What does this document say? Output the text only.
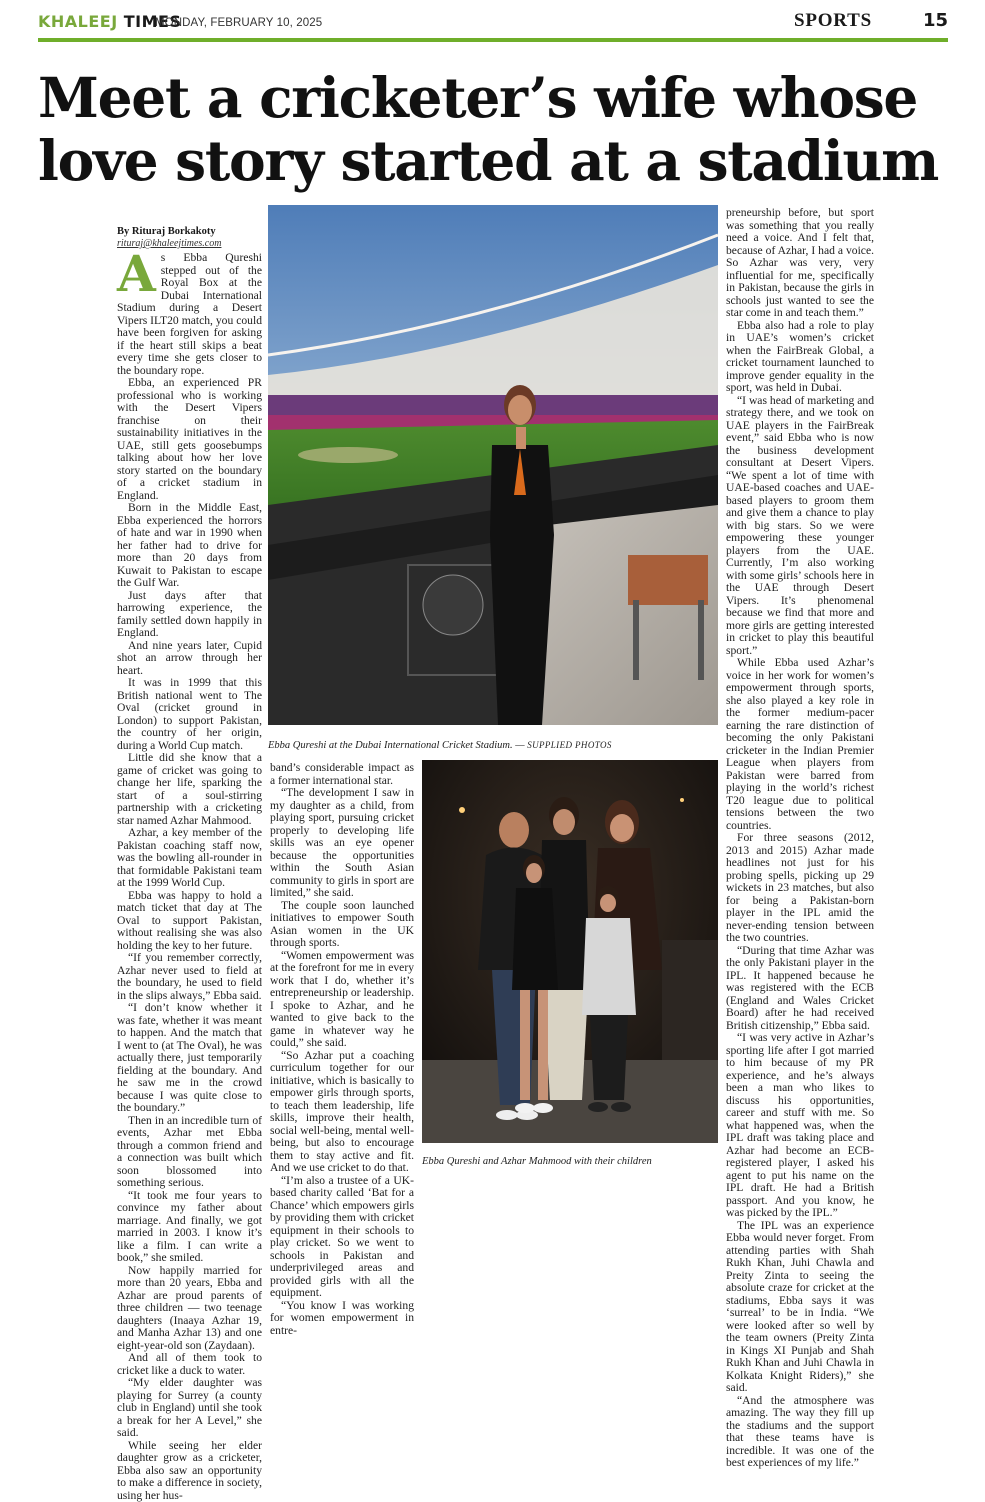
KHALEEJ TIMES
MONDAY, FEBRUARY 10, 2025	SPORTS	15
Meet a cricketer’s wife whose love story started at a stadium
By Rituraj Borkakoty
rituraj@khaleejtimes.com

As Ebba Qureshi stepped out of the Royal Box at the Dubai International Stadium during a Desert Vipers ILT20 match, you could have been forgiven for asking if the heart still skips a beat every time she gets closer to the boundary rope.

Ebba, an experienced PR professional who is working with the Desert Vipers franchise on their sustainability initiatives in the UAE, still gets goosebumps talking about how her love story started on the boundary of a cricket stadium in England.

Born in the Middle East, Ebba experienced the horrors of hate and war in 1990 when her father had to drive for more than 20 days from Kuwait to Pakistan to escape the Gulf War.

Just days after that harrowing experience, the family settled down happily in England.

And nine years later, Cupid shot an arrow through her heart.

It was in 1999 that this British national went to The Oval (cricket ground in London) to support Pakistan, the country of her origin, during a World Cup match.

Little did she know that a game of cricket was going to change her life, sparking the start of a soul-stirring partnership with a cricketing star named Azhar Mahmood.

Azhar, a key member of the Pakistan coaching staff now, was the bowling all-rounder in that formidable Pakistani team at the 1999 World Cup.

Ebba was happy to hold a match ticket that day at The Oval to support Pakistan, without realising she was also holding the key to her future.

“If you remember correctly, Azhar never used to field at the boundary, he used to field in the slips always,” Ebba said.

“I don’t know whether it was fate, whether it was meant to happen. And the match that I went to (at The Oval), he was actually there, just temporarily fielding at the boundary. And he saw me in the crowd because I was quite close to the boundary.”

Then in an incredible turn of events, Azhar met Ebba through a common friend and a connection was built which soon blossomed into something serious.

“It took me four years to convince my father about marriage. And finally, we got married in 2003. I know it’s like a film. I can write a book,” she smiled.

Now happily married for more than 20 years, Ebba and Azhar are proud parents of three children — two teenage daughters (Inaaya Azhar 19, and Manha Azhar 13) and one eight-year-old son (Zaydaan).

And all of them took to cricket like a duck to water.

“My elder daughter was playing for Surrey (a county club in England) until she took a break for her A Level,” she said.

While seeing her elder daughter grow as a cricketer, Ebba also saw an opportunity to make a difference in society, using her hus-

Ebba Qureshi at the Dubai International Cricket Stadium. — SUPPLIED PHOTOS

band’s considerable impact as a former international star.

“The development I saw in my daughter as a child, from playing sport, pursuing cricket properly to developing life skills was an eye opener because the opportunities within the South Asian community to girls in sport are limited,” she said.

The couple soon launched initiatives to empower South Asian women in the UK through sports.

“Women empowerment was at the forefront for me in every work that I do, whether it’s entrepreneurship or leadership. I spoke to Azhar, and he wanted to give back to the game in whatever way he could,” she said.

“So Azhar put a coaching curriculum together for our initiative, which is basically to empower girls through sports, to teach them leadership, life skills, improve their health, social well-being, mental well-being, but also to encourage them to stay active and fit. And we use cricket to do that.

“I’m also a trustee of a UK-based charity called ‘Bat for a Chance’ which empowers girls by providing them with cricket equipment in their schools to play cricket. So we went to schools in Pakistan and underprivileged areas and provided girls with all the equipment.

“You know I was working for women empowerment in entre-

Ebba Qureshi and Azhar Mahmood with their children

preneurship before, but sport was something that you really need a voice. And I felt that, because of Azhar, I had a voice. So Azhar was very, very influential for me, specifically in Pakistan, because the girls in schools just wanted to see the star come in and teach them.”

Ebba also had a role to play in UAE’s women’s cricket when the FairBreak Global, a cricket tournament launched to improve gender equality in the sport, was held in Dubai.

“I was head of marketing and strategy there, and we took on UAE players in the FairBreak event,” said Ebba who is now the business development consultant at Desert Vipers. “We spent a lot of time with UAE-based coaches and UAE-based players to groom them and give them a chance to play with big stars. So we were empowering these younger players from the UAE. Currently, I’m also working with some girls’ schools here in the UAE through Desert Vipers. It’s phenomenal because we find that more and more girls are getting interested in cricket to play this beautiful sport.”

While Ebba used Azhar’s voice in her work for women’s empowerment through sports, she also played a key role in the former medium-pacer earning the rare distinction of becoming the only Pakistani cricketer in the Indian Premier League when players from Pakistan were barred from playing in the world’s richest T20 league due to political tensions between the two countries.

For three seasons (2012, 2013 and 2015) Azhar made headlines not just for his probing spells, picking up 29 wickets in 23 matches, but also for being a Pakistan-born player in the IPL amid the never-ending tension between the two countries.

“During that time Azhar was the only Pakistani player in the IPL. It happened because he was registered with the ECB (England and Wales Cricket Board) after he had received British citizenship,” Ebba said.

“I was very active in Azhar’s sporting life after I got married to him because of my PR experience, and he’s always been a man who likes to discuss his opportunities, career and stuff with me. So what happened was, when the IPL draft was taking place and Azhar had become an ECB-registered player, I asked his agent to put his name on the IPL draft. He had a British passport. And you know, he was picked by the IPL.”

The IPL was an experience Ebba would never forget. From attending parties with Shah Rukh Khan, Juhi Chawla and Preity Zinta to seeing the absolute craze for cricket at the stadiums, Ebba says it was ‘surreal’ to be in India. “We were looked after so well by the team owners (Preity Zinta in Kings XI Punjab and Shah Rukh Khan and Juhi Chawla in Kolkata Knight Riders),” she said.

“And the atmosphere was amazing. The way they fill up the stadiums and the support that these teams have is incredible. It was one of the best experiences of my life.”
